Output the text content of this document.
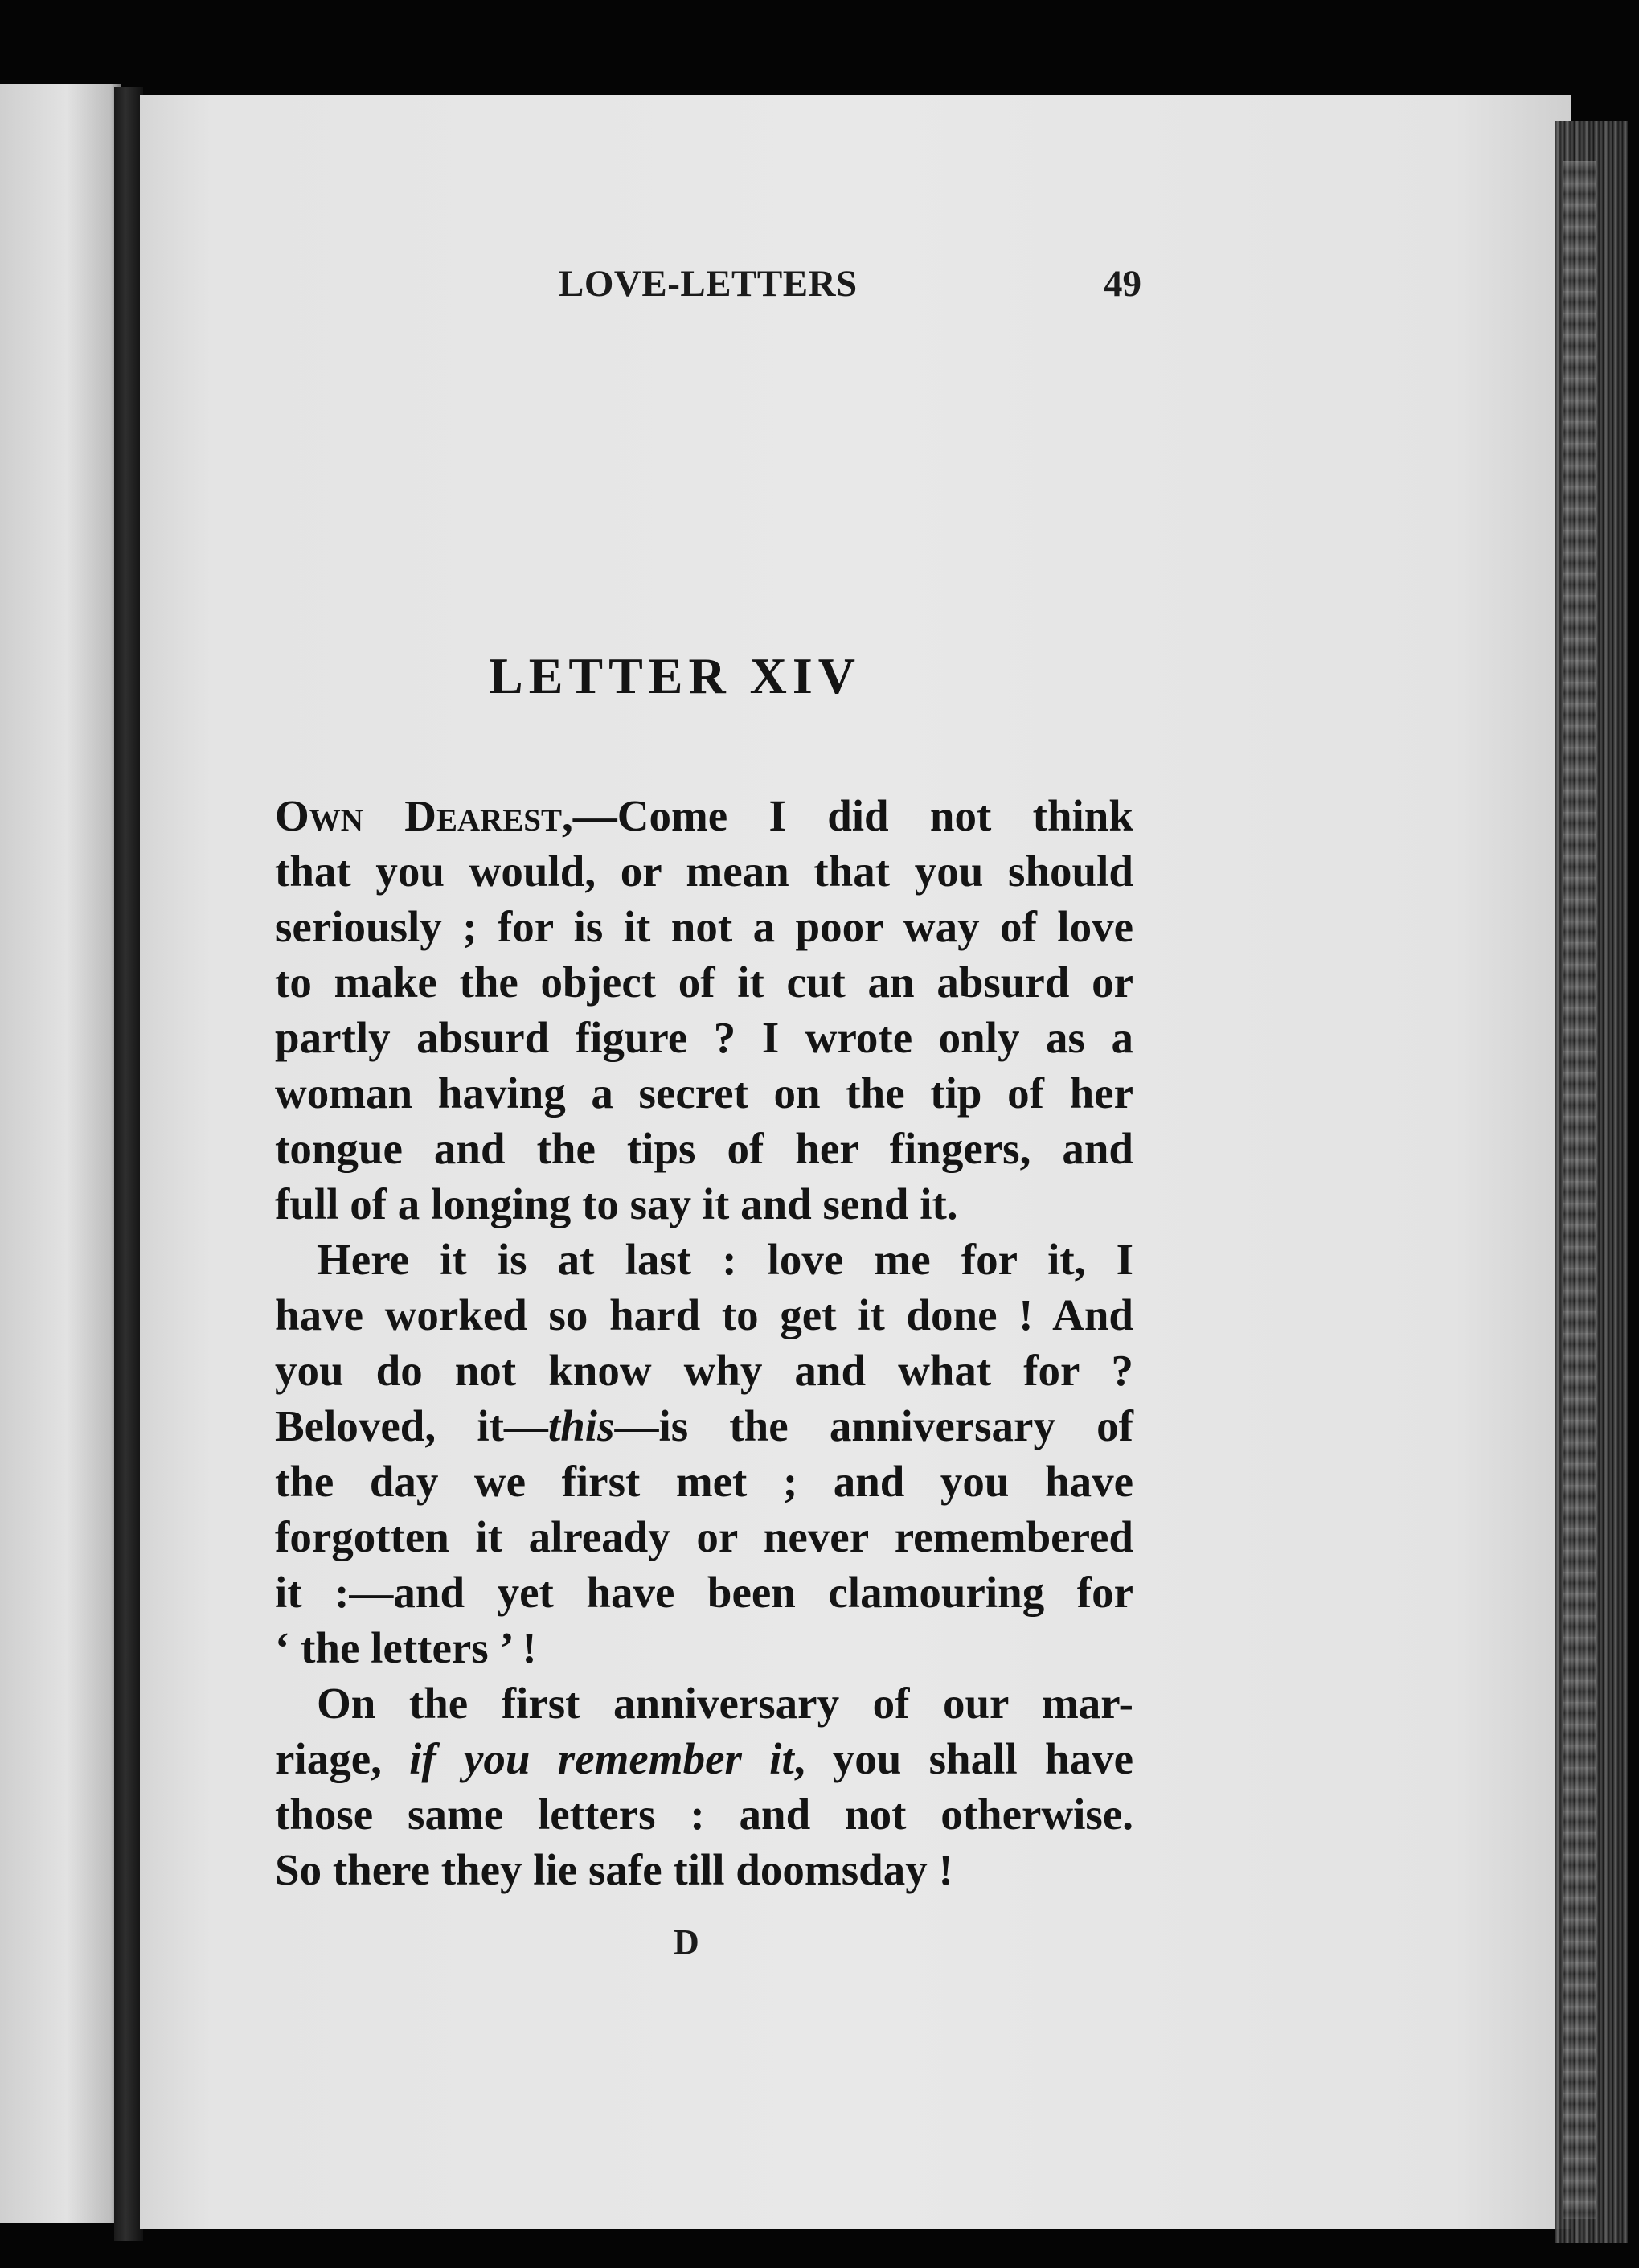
LOVE-LETTERS	49
LETTER XIV
Own Dearest,—Come I did not think
that you would, or mean that you should
seriously ; for is it not a poor way of love
to make the object of it cut an absurd or
partly absurd figure ? I wrote only as a
woman having a secret on the tip of her
tongue and the tips of her fingers, and
full of a longing to say it and send it.
Here it is at last : love me for it, I
have worked so hard to get it done ! And
you do not know why and what for ?
Beloved, it—this—is the anniversary of
the day we first met ; and you have
forgotten it already or never remembered
it :—and yet have been clamouring for
‘ the letters ’ !
On the first anniversary of our mar-
riage, if you remember it, you shall have
those same letters : and not otherwise.
So there they lie safe till doomsday !
D
